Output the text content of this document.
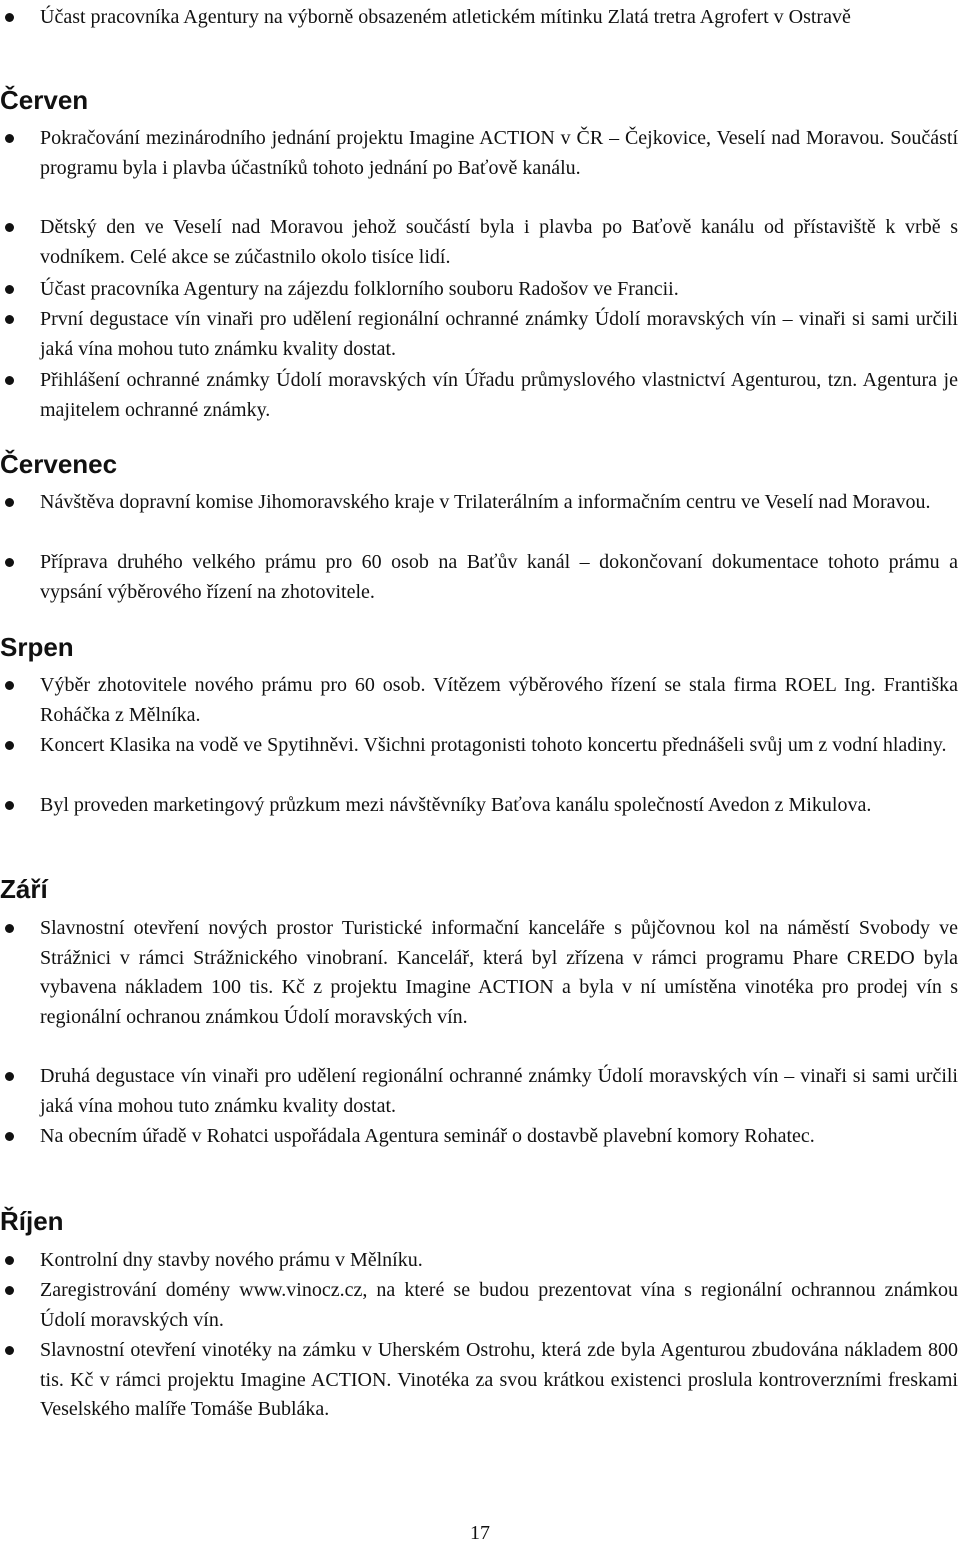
Účast pracovníka Agentury na výborně obsazeném atletickém mítinku Zlatá tretra Agrofert v Ostravě
Červen
Pokračování mezinárodního jednání projektu Imagine ACTION v ČR – Čejkovice, Veselí nad Moravou. Součástí programu byla i plavba účastníků tohoto jednání po Baťově kanálu.
Dětský den ve Veselí nad Moravou jehož součástí byla i plavba po Baťově kanálu od přístaviště k vrbě s vodníkem. Celé akce se zúčastnilo okolo tisíce lidí.
Účast pracovníka Agentury na zájezdu folklorního souboru Radošov ve Francii.
První degustace vín vinaři pro udělení regionální ochranné známky Údolí moravských vín – vinaři si sami určili jaká vína mohou tuto známku kvality dostat.
Přihlášení ochranné známky Údolí moravských vín Úřadu průmyslového vlastnictví Agenturou, tzn. Agentura je majitelem ochranné známky.
Červenec
Návštěva dopravní komise Jihomoravského kraje v Trilaterálním a informačním centru ve Veselí nad Moravou.
Příprava druhého velkého prámu pro 60 osob na Baťův kanál – dokončovaní dokumentace tohoto prámu a vypsání výběrového řízení na zhotovitele.
Srpen
Výběr zhotovitele nového prámu pro 60 osob. Vítězem výběrového řízení se stala firma ROEL Ing. Františka Roháčka z Mělníka.
Koncert Klasika na vodě ve Spytihněvi. Všichni protagonisti tohoto koncertu přednášeli svůj um z vodní hladiny.
Byl proveden marketingový průzkum mezi návštěvníky Baťova kanálu společností Avedon z Mikulova.
Září
Slavnostní otevření nových prostor Turistické informační kanceláře s půjčovnou kol na náměstí Svobody ve Strážnici v rámci Strážnického vinobraní. Kancelář, která byl zřízena v rámci programu Phare CREDO byla vybavena nákladem 100 tis. Kč z projektu Imagine ACTION a byla v ní umístěna vinotéka pro prodej vín s regionální ochranou známkou Údolí moravských vín.
Druhá degustace vín vinaři pro udělení regionální ochranné známky Údolí moravských vín – vinaři si sami určili jaká vína mohou tuto známku kvality dostat.
Na obecním úřadě v Rohatci uspořádala Agentura seminář o dostavbě plavební komory Rohatec.
Říjen
Kontrolní dny stavby nového prámu v Mělníku.
Zaregistrování domény www.vinocz.cz, na které se budou prezentovat vína s regionální ochrannou známkou Údolí moravských vín.
Slavnostní otevření vinotéky na zámku v Uherském Ostrohu, která zde byla Agenturou zbudována nákladem 800 tis. Kč v rámci projektu Imagine ACTION. Vinotéka za svou krátkou existenci proslula kontroverzními freskami Veselského malíře Tomáše Bubláka.
17
